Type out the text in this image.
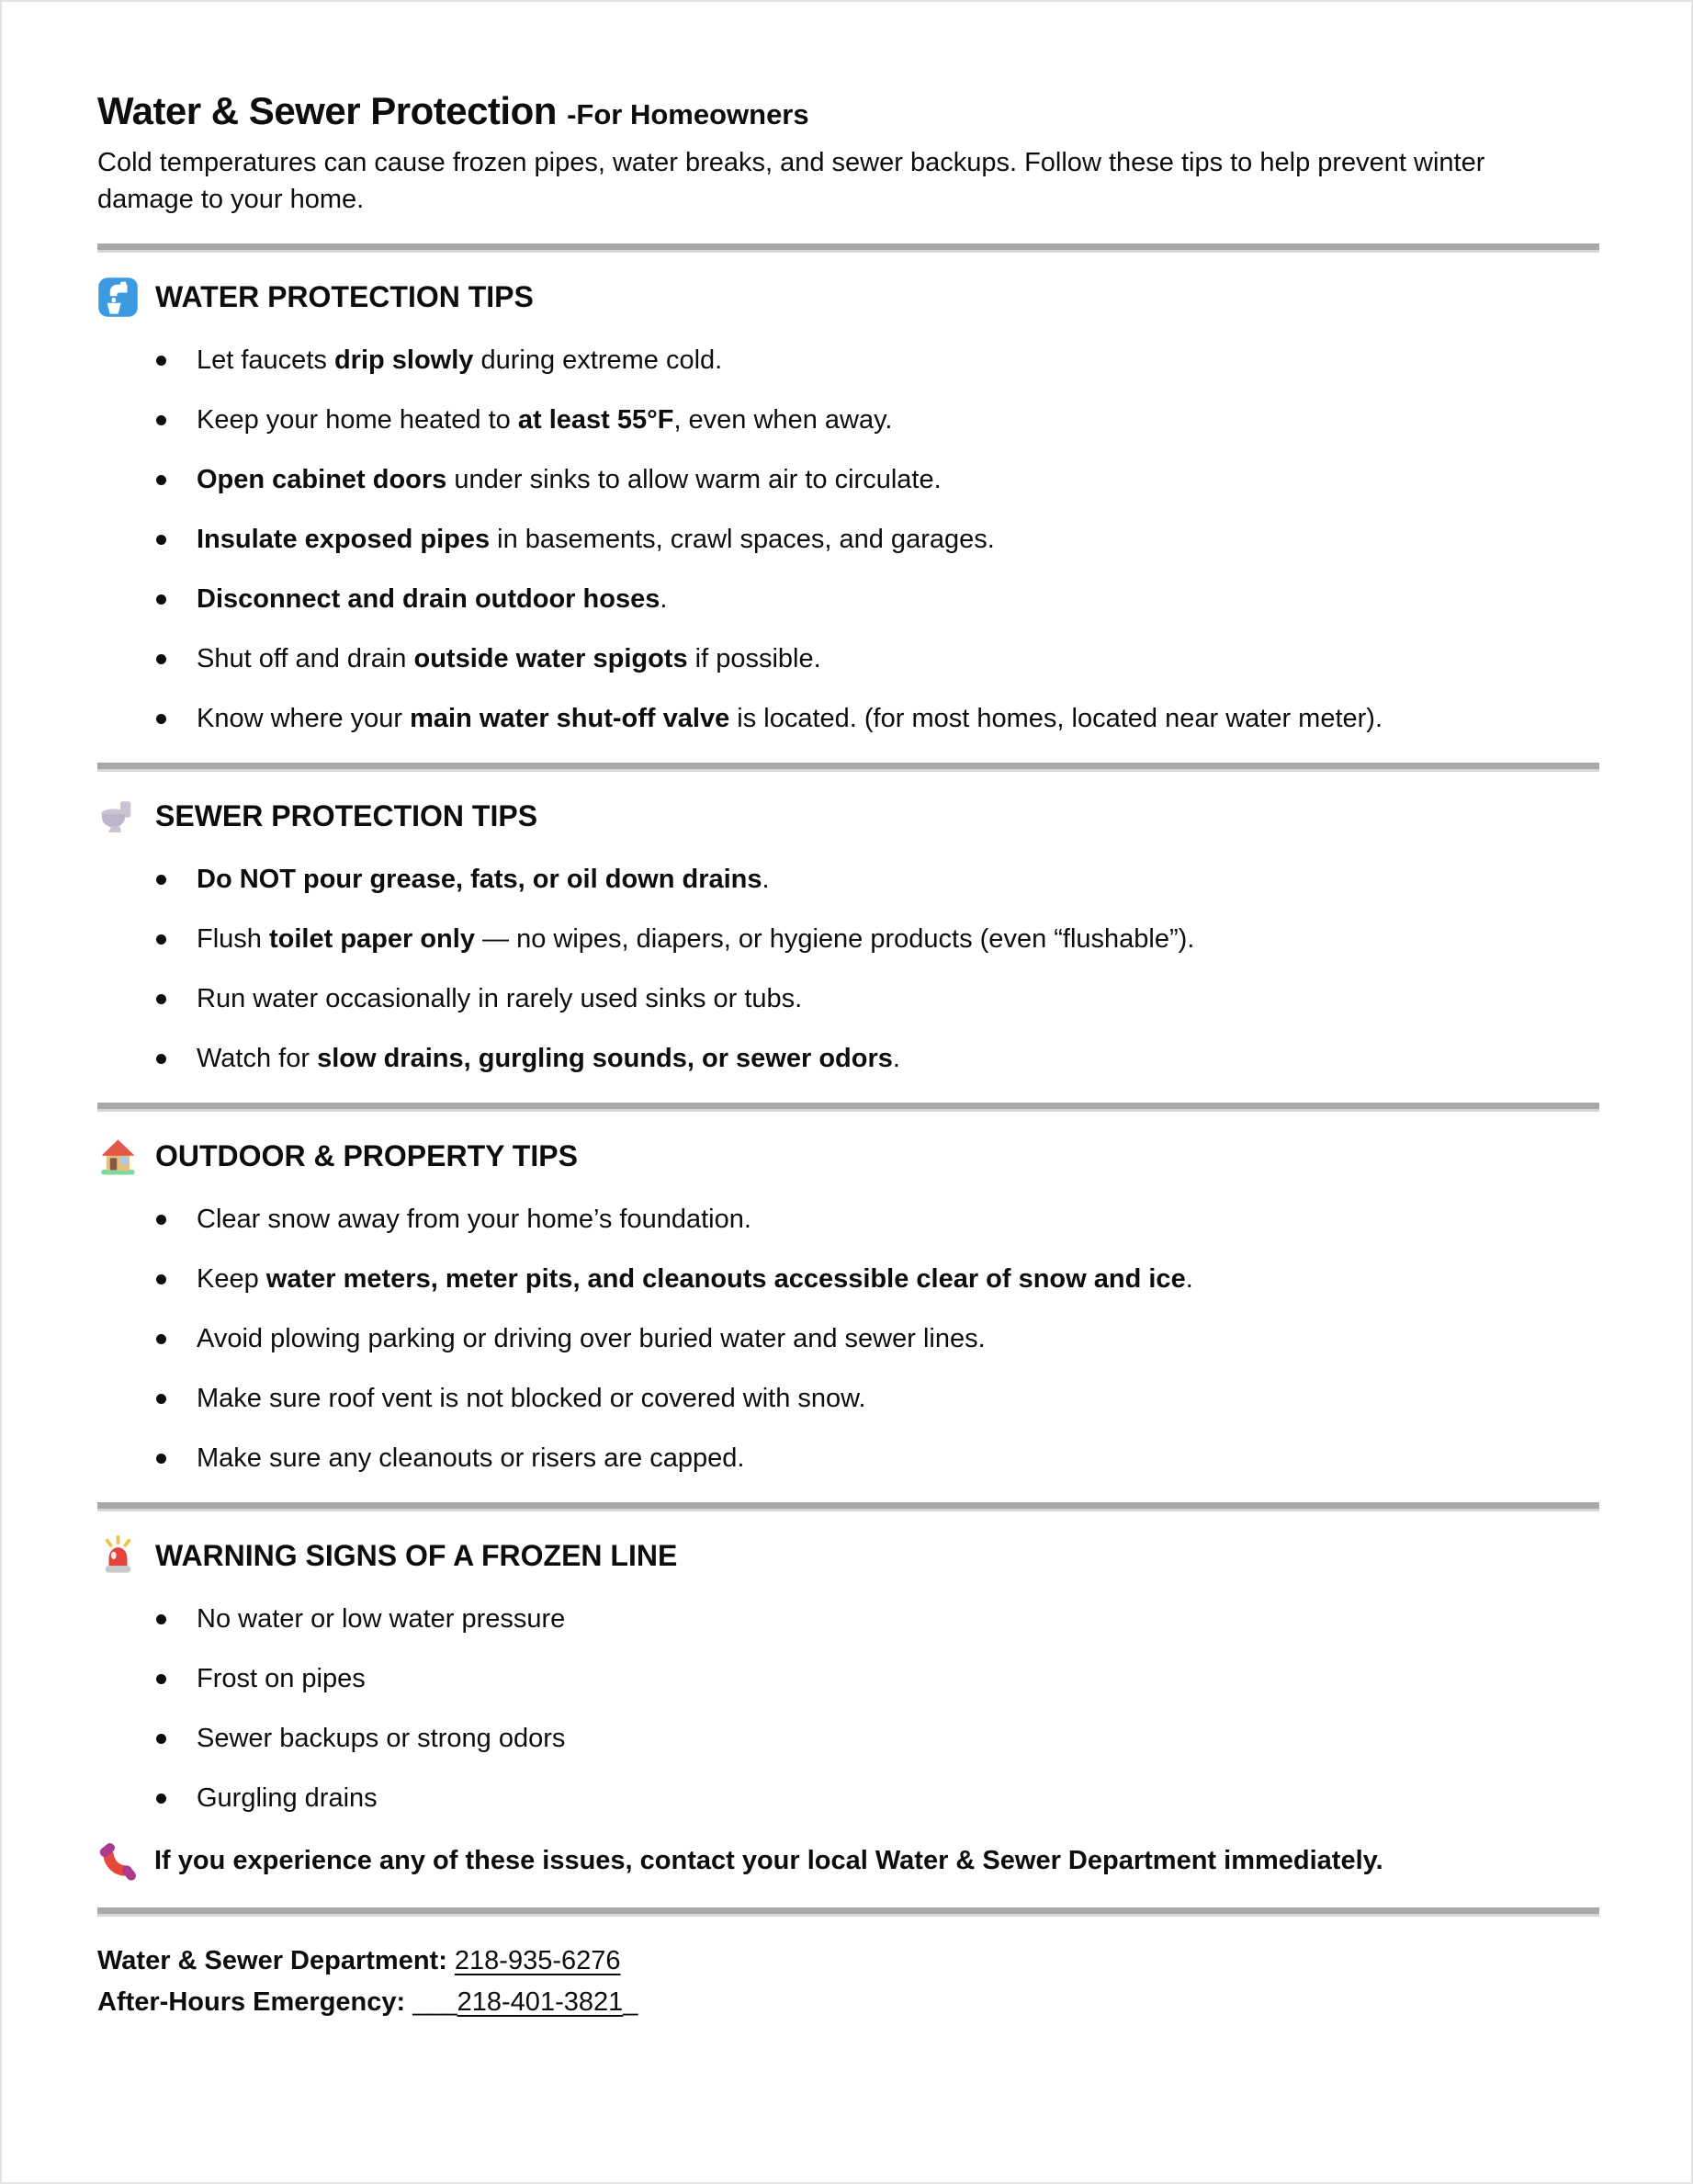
Water & Sewer Protection -For Homeowners

Cold temperatures can cause frozen pipes, water breaks, and sewer backups. Follow these tips to help prevent winter damage to your home.

WATER PROTECTION TIPS
Let faucets drip slowly during extreme cold.
Keep your home heated to at least 55°F, even when away.
Open cabinet doors under sinks to allow warm air to circulate.
Insulate exposed pipes in basements, crawl spaces, and garages.
Disconnect and drain outdoor hoses.
Shut off and drain outside water spigots if possible.
Know where your main water shut-off valve is located. (for most homes, located near water meter).
SEWER PROTECTION TIPS
Do NOT pour grease, fats, or oil down drains.
Flush toilet paper only — no wipes, diapers, or hygiene products (even “flushable”).
Run water occasionally in rarely used sinks or tubs.
Watch for slow drains, gurgling sounds, or sewer odors.
OUTDOOR & PROPERTY TIPS
Clear snow away from your home’s foundation.
Keep water meters, meter pits, and cleanouts accessible clear of snow and ice.
Avoid plowing parking or driving over buried water and sewer lines.
Make sure roof vent is not blocked or covered with snow.
Make sure any cleanouts or risers are capped.
WARNING SIGNS OF A FROZEN LINE
No water or low water pressure
Frost on pipes
Sewer backups or strong odors
Gurgling drains
If you experience any of these issues, contact your local Water & Sewer Department immediately.
Water & Sewer Department: 218-935-6276
After-Hours Emergency: ___218-401-3821_
